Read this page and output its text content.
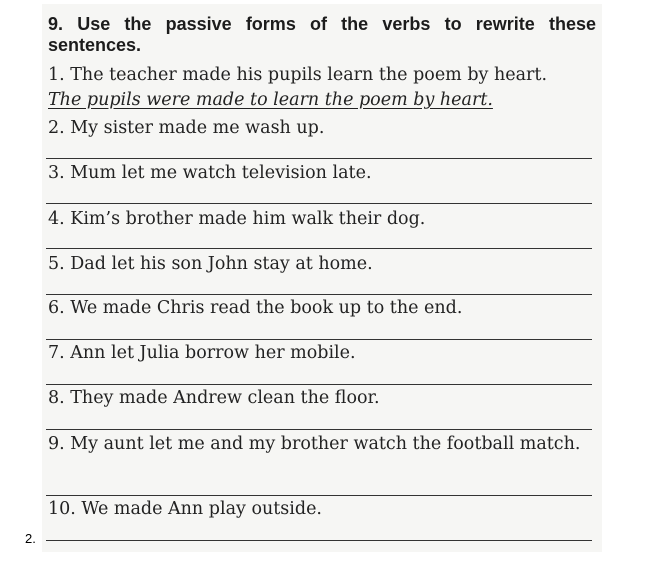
9. Use the passive forms of the verbs to rewrite these sentences.
1. The teacher made his pupils learn the poem by heart.
The pupils were made to learn the poem by heart.
2. My sister made me wash up.
3. Mum let me watch television late.
4. Kim’s brother made him walk their dog.
5. Dad let his son John stay at home.
6. We made Chris read the book up to the end.
7. Ann let Julia borrow her mobile.
8. They made Andrew clean the floor.
9. My aunt let me and my brother watch the football match.
10. We made Ann play outside.
2.
